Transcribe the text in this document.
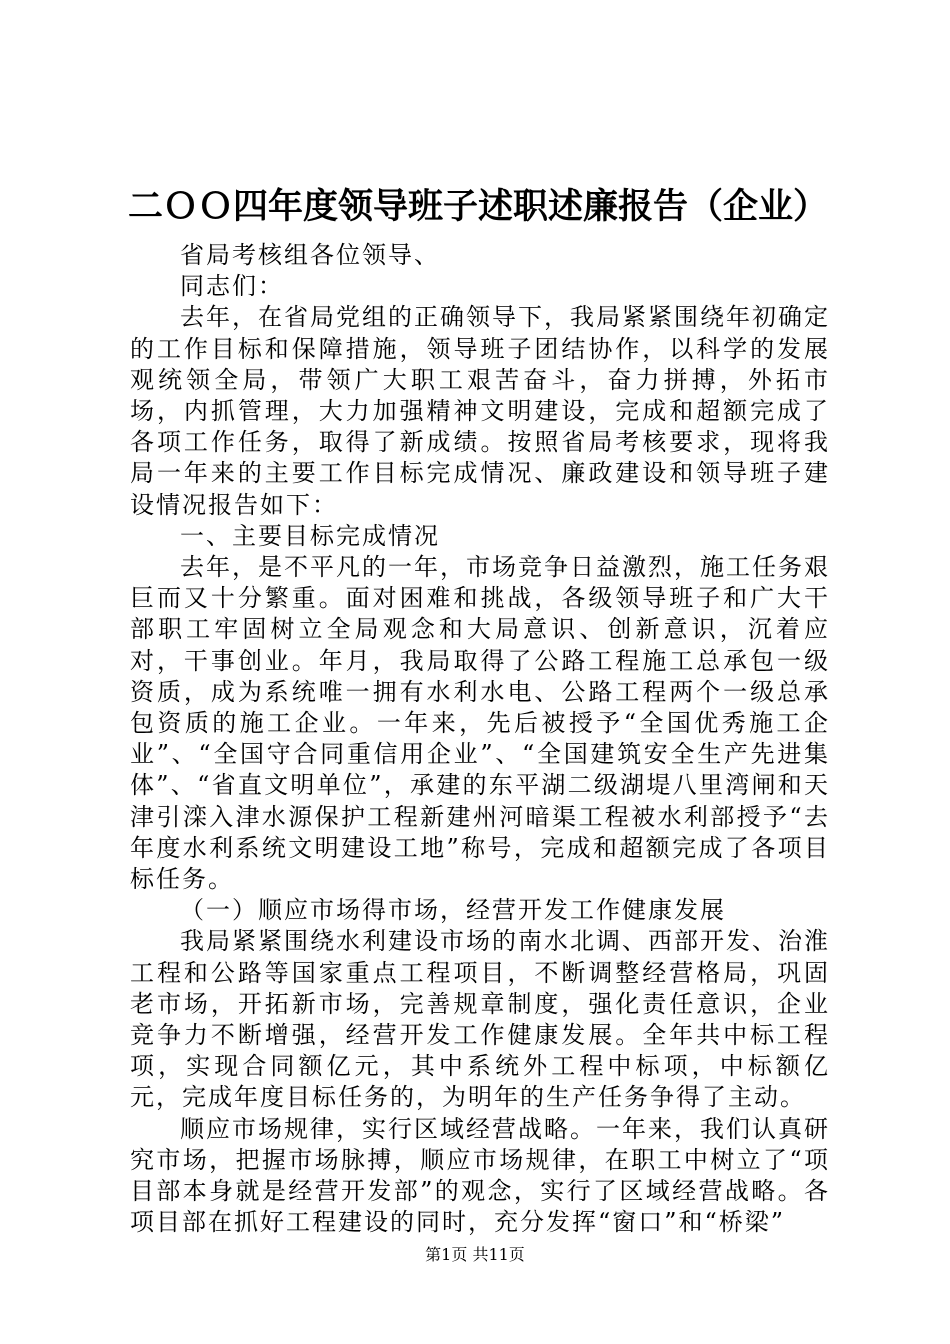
二ＯＯ四年度领导班子述职述廉报告（企业）

省局考核组各位领导、

同志们：

去年，在省局党组的正确领导下，我局紧紧围绕年初确定的工作目标和保障措施，领导班子团结协作，以科学的发展观统领全局，带领广大职工艰苦奋斗，奋力拼搏，外拓市场，内抓管理，大力加强精神文明建设，完成和超额完成了各项工作任务，取得了新成绩。按照省局考核要求，现将我局一年来的主要工作目标完成情况、廉政建设和领导班子建设情况报告如下：

一、主要目标完成情况

去年，是不平凡的一年，市场竞争日益激烈，施工任务艰巨而又十分繁重。面对困难和挑战，各级领导班子和广大干部职工牢固树立全局观念和大局意识、创新意识，沉着应对，干事创业。年月，我局取得了公路工程施工总承包一级资质，成为系统唯一拥有水利水电、公路工程两个一级总承包资质的施工企业。一年来，先后被授予“全国优秀施工企业”、“全国守合同重信用企业”、“全国建筑安全生产先进集体”、“省直文明单位”，承建的东平湖二级湖堤八里湾闸和天津引滦入津水源保护工程新建州河暗渠工程被水利部授予“去年度水利系统文明建设工地”称号，完成和超额完成了各项目标任务。

（一）顺应市场得市场，经营开发工作健康发展

我局紧紧围绕水利建设市场的南水北调、西部开发、治淮工程和公路等国家重点工程项目，不断调整经营格局，巩固老市场，开拓新市场，完善规章制度，强化责任意识，企业竞争力不断增强，经营开发工作健康发展。全年共中标工程项，实现合同额亿元，其中系统外工程中标项，中标额亿元，完成年度目标任务的，为明年的生产任务争得了主动。

顺应市场规律，实行区域经营战略。一年来，我们认真研究市场，把握市场脉搏，顺应市场规律，在职工中树立了“项目部本身就是经营开发部”的观念，实行了区域经营战略。各项目部在抓好工程建设的同时，充分发挥“窗口”和“桥梁”

第1页 共11页
